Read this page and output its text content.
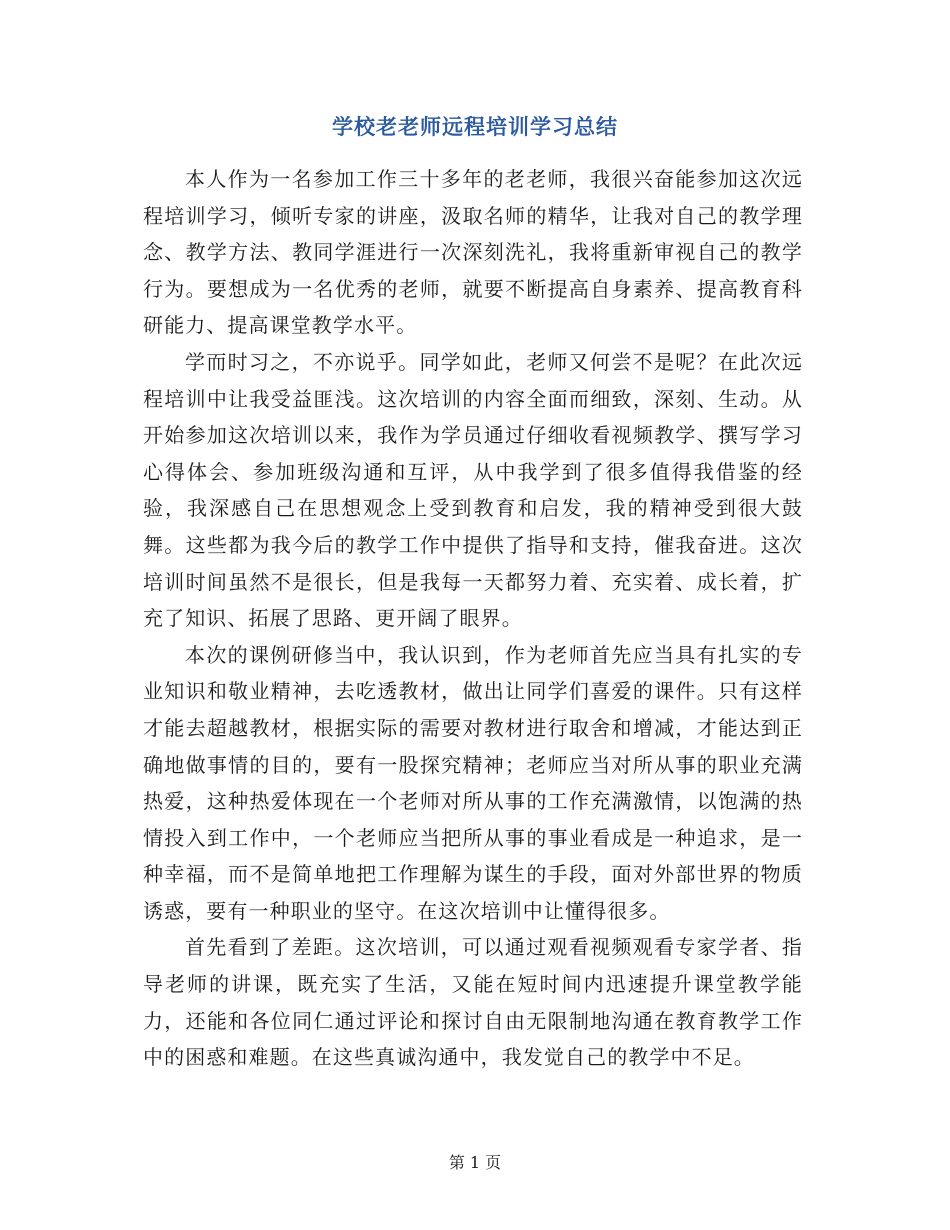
学校老老师远程培训学习总结

本人作为一名参加工作三十多年的老老师，我很兴奋能参加这次远程培训学习，倾听专家的讲座，汲取名师的精华，让我对自己的教学理念、教学方法、教同学涯进行一次深刻洗礼，我将重新审视自己的教学行为。要想成为一名优秀的老师，就要不断提高自身素养、提高教育科研能力、提高课堂教学水平。

学而时习之，不亦说乎。同学如此，老师又何尝不是呢？在此次远程培训中让我受益匪浅。这次培训的内容全面而细致，深刻、生动。从开始参加这次培训以来，我作为学员通过仔细收看视频教学、撰写学习心得体会、参加班级沟通和互评，从中我学到了很多值得我借鉴的经验，我深感自己在思想观念上受到教育和启发，我的精神受到很大鼓舞。这些都为我今后的教学工作中提供了指导和支持，催我奋进。这次培训时间虽然不是很长，但是我每一天都努力着、充实着、成长着，扩充了知识、拓展了思路、更开阔了眼界。

本次的课例研修当中，我认识到，作为老师首先应当具有扎实的专业知识和敬业精神，去吃透教材，做出让同学们喜爱的课件。只有这样才能去超越教材，根据实际的需要对教材进行取舍和增减，才能达到正确地做事情的目的，要有一股探究精神；老师应当对所从事的职业充满热爱，这种热爱体现在一个老师对所从事的工作充满激情，以饱满的热情投入到工作中，一个老师应当把所从事的事业看成是一种追求，是一种幸福，而不是简单地把工作理解为谋生的手段，面对外部世界的物质诱惑，要有一种职业的坚守。在这次培训中让懂得很多。

首先看到了差距。这次培训，可以通过观看视频观看专家学者、指导老师的讲课，既充实了生活，又能在短时间内迅速提升课堂教学能力，还能和各位同仁通过评论和探讨自由无限制地沟通在教育教学工作中的困惑和难题。在这些真诚沟通中，我发觉自己的教学中不足。

第 1 页
